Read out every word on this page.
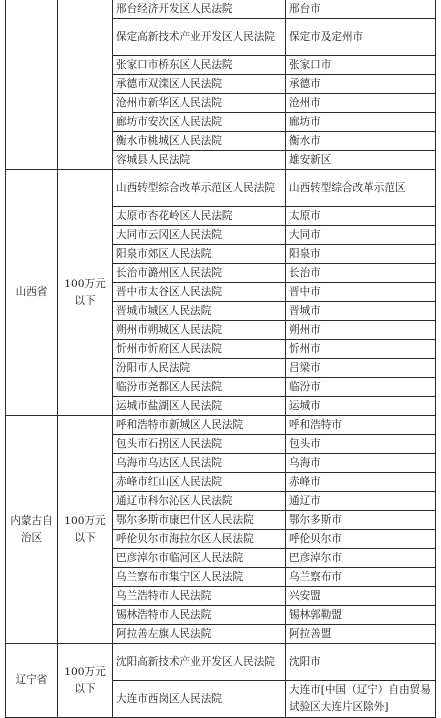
		邢台经济开发区人民法院	邢台市
		保定高新技术产业开发区人民法院	保定市及定州市
		张家口市桥东区人民法院	张家口市
		承德市双滦区人民法院	承德市
		沧州市新华区人民法院	沧州市
		廊坊市安次区人民法院	廊坊市
		衡水市桃城区人民法院	衡水市
		容城县人民法院	雄安新区
山西省	100万元以下	山西转型综合改革示范区人民法院	山西转型综合改革示范区
		太原市杏花岭区人民法院	太原市
		大同市云冈区人民法院	大同市
		阳泉市郊区人民法院	阳泉市
		长治市潞州区人民法院	长治市
		晋中市太谷区人民法院	晋中市
		晋城市城区人民法院	晋城市
		朔州市朔城区人民法院	朔州市
		忻州市忻府区人民法院	忻州市
		汾阳市人民法院	吕梁市
		临汾市尧都区人民法院	临汾市
		运城市盐湖区人民法院	运城市
内蒙古自治区	100万元以下	呼和浩特市新城区人民法院	呼和浩特市
		包头市石拐区人民法院	包头市
		乌海市乌达区人民法院	乌海市
		赤峰市红山区人民法院	赤峰市
		通辽市科尔沁区人民法院	通辽市
		鄂尔多斯市康巴什区人民法院	鄂尔多斯市
		呼伦贝尔市海拉尔区人民法院	呼伦贝尔市
		巴彦淖尔市临河区人民法院	巴彦淖尔市
		乌兰察布市集宁区人民法院	乌兰察布市
		乌兰浩特市人民法院	兴安盟
		锡林浩特市人民法院	锡林郭勒盟
		阿拉善左旗人民法院	阿拉善盟
辽宁省	100万元以下	沈阳高新技术产业开发区人民法院	沈阳市
		大连市西岗区人民法院	大连市[中国（辽宁）自由贸易试验区大连片区除外]
